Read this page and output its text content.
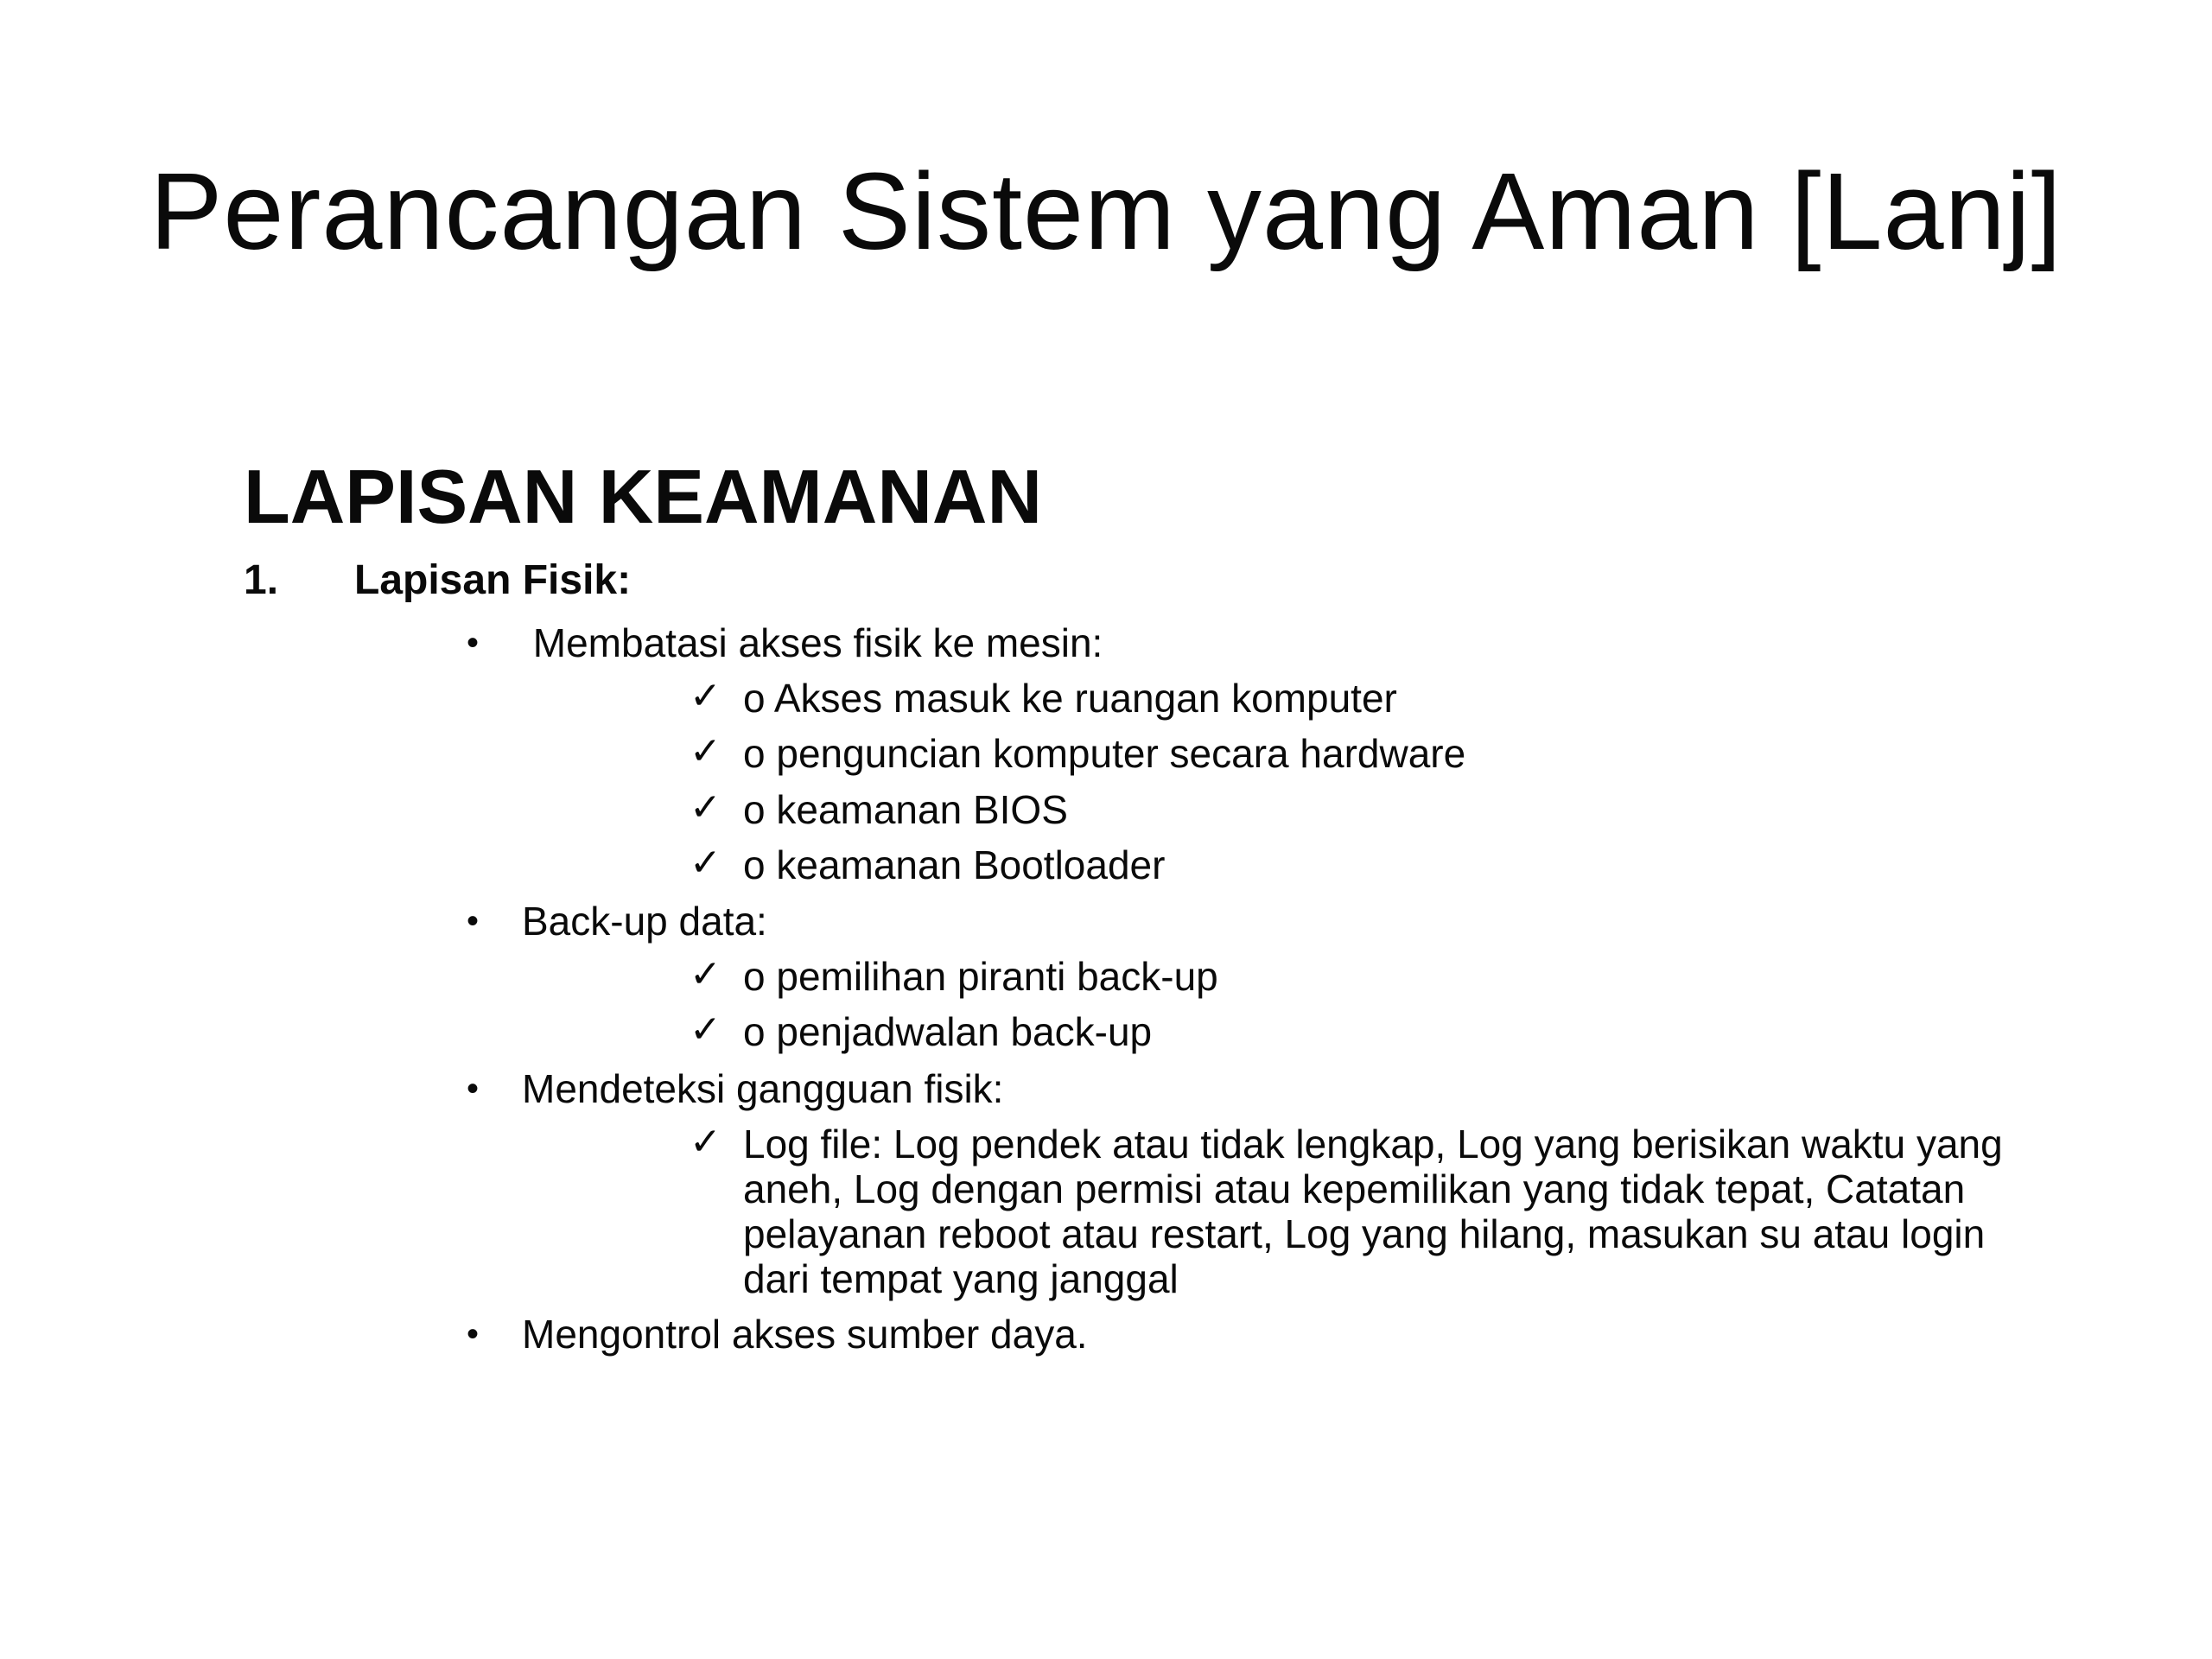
Perancangan Sistem yang Aman [Lanj]
LAPISAN KEAMANAN
1. Lapisan Fisik:
• Membatasi akses fisik ke mesin:
✓ o Akses masuk ke ruangan komputer
✓ o penguncian komputer secara hardware
✓ o keamanan BIOS
✓ o keamanan Bootloader
• Back-up data:
✓ o pemilihan piranti back-up
✓ o penjadwalan back-up
• Mendeteksi gangguan fisik:
✓ Log file: Log pendek atau tidak lengkap, Log yang berisikan waktu yang aneh, Log dengan permisi atau kepemilikan yang tidak tepat, Catatan pelayanan reboot atau restart, Log yang hilang, masukan su atau login dari tempat yang janggal
• Mengontrol akses sumber daya.
